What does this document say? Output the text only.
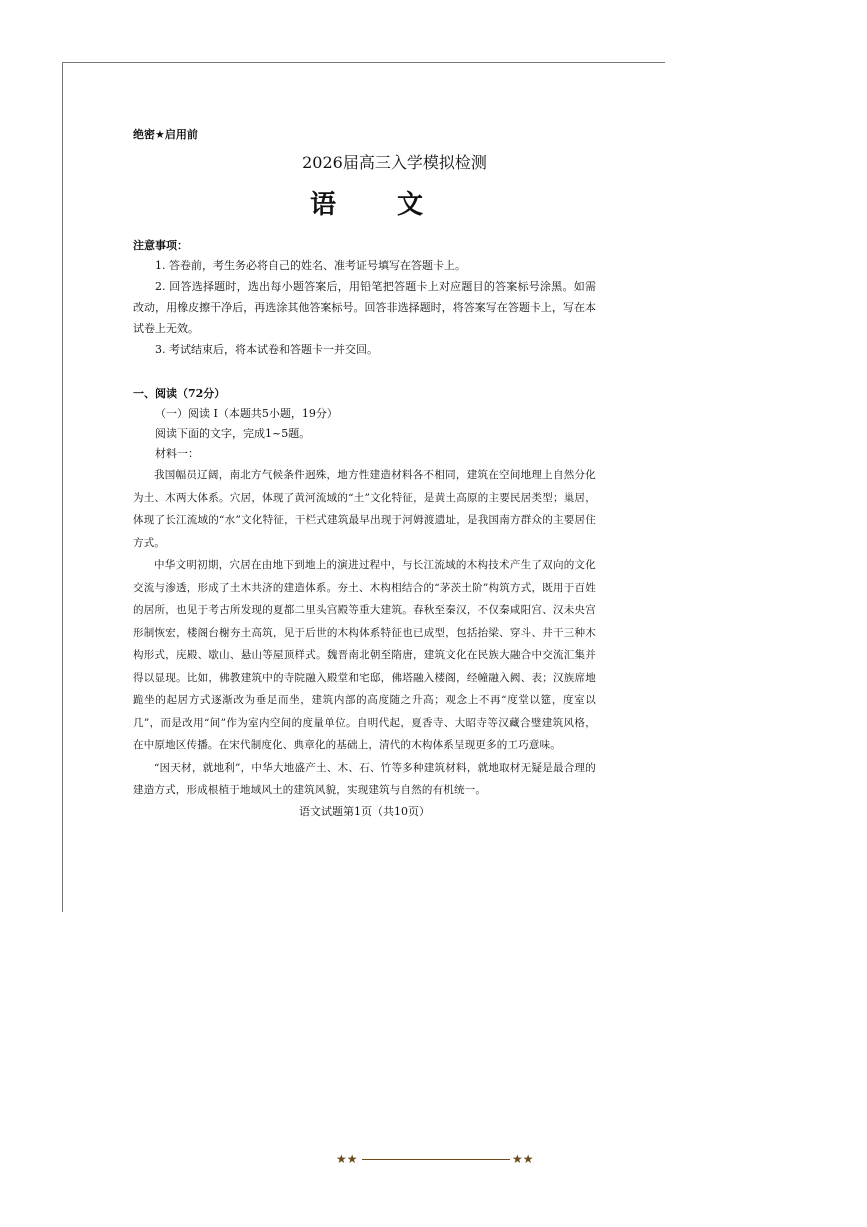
绝密★启用前

2026届高三入学模拟检测

语 文

注意事项：

1. 答卷前，考生务必将自己的姓名、准考证号填写在答题卡上。

2. 回答选择题时，选出每小题答案后，用铅笔把答题卡上对应题目的答案标号涂黑。如需改动，用橡皮擦干净后，再选涂其他答案标号。回答非选择题时，将答案写在答题卡上，写在本试卷上无效。

3. 考试结束后，将本试卷和答题卡一并交回。

一、阅读（72分）

（一）阅读 I（本题共5小题，19分）

阅读下面的文字，完成1~5题。

材料一：

我国幅员辽阔，南北方气候条件迥殊，地方性建造材料各不相同，建筑在空间地理上自然分化为土、木两大体系。穴居，体现了黄河流域的“土”文化特征，是黄土高原的主要民居类型；巢居，体现了长江流域的“水”文化特征，干栏式建筑最早出现于河姆渡遗址，是我国南方群众的主要居住方式。

中华文明初期，穴居在由地下到地上的演进过程中，与长江流域的木构技术产生了双向的文化交流与渗透，形成了土木共济的建造体系。夯土、木构相结合的“茅茨土阶”构筑方式，既用于百姓的居所，也见于考古所发现的夏都二里头宫殿等重大建筑。春秋至秦汉，不仅秦咸阳宫、汉未央宫形制恢宏，楼阁台榭夯土高筑，见于后世的木构体系特征也已成型，包括抬梁、穿斗、井干三种木构形式，庑殿、歇山、悬山等屋顶样式。魏晋南北朝至隋唐，建筑文化在民族大融合中交流汇集并得以显现。比如，佛教建筑中的寺院融入殿堂和宅邸，佛塔融入楼阁，经幢融入阙、表；汉族席地跪坐的起居方式逐渐改为垂足而坐，建筑内部的高度随之升高；观念上不再“度堂以筵，度室以几”，而是改用“间”作为室内空间的度量单位。自明代起，夏香寺、大昭寺等汉藏合璧建筑风格，在中原地区传播。在宋代制度化、典章化的基础上，清代的木构体系呈现更多的工巧意味。

“因天材，就地利”，中华大地盛产土、木、石、竹等多种建筑材料，就地取材无疑是最合理的建造方式，形成根植于地域风土的建筑风貌，实现建筑与自然的有机统一。

语文试题第1页（共10页）

★★	★★
